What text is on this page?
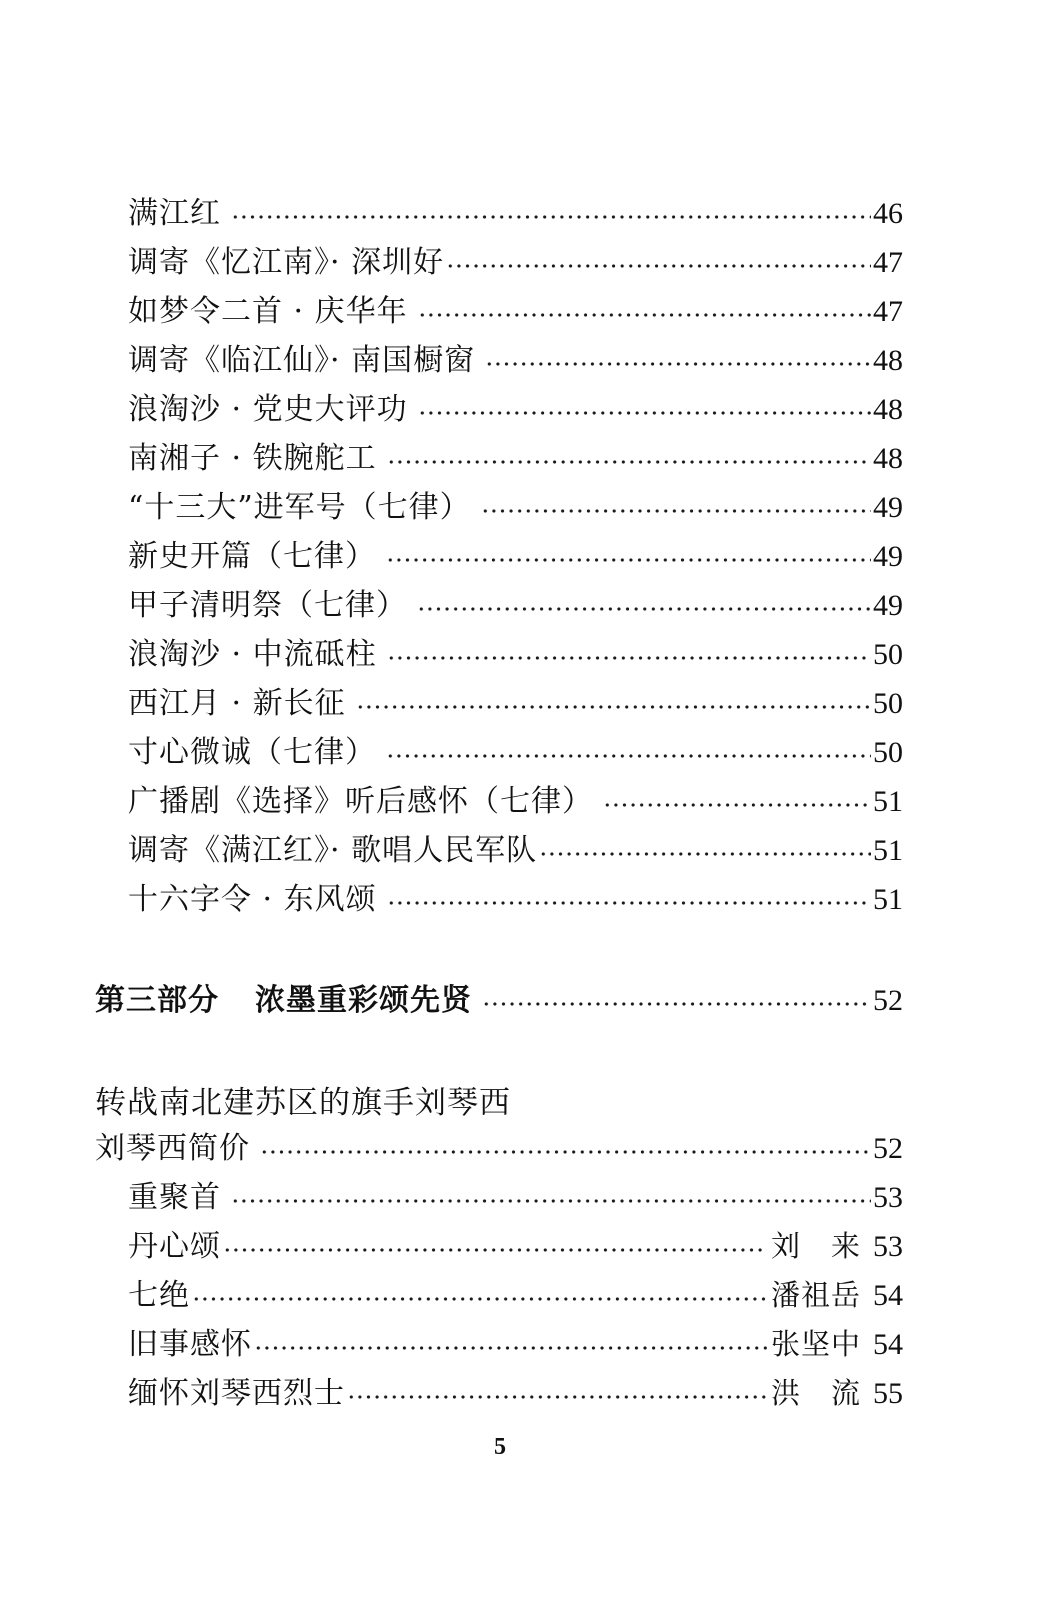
满江红	46
调寄《忆江南》· 深圳好	47
如梦令二首 · 庆华年	47
调寄《临江仙》· 南国橱窗	48
浪淘沙 · 党史大评功	48
南湘子 · 铁腕舵工	48
“十三大”进军号（七律）	49
新史开篇（七律）	49
甲子清明祭（七律）	49
浪淘沙 · 中流砥柱	50
西江月 · 新长征	50
寸心微诚（七律）	50
广播剧《选择》听后感怀（七律）	51
调寄《满江红》· 歌唱人民军队	51
十六字令 · 东风颂	51
第三部分 浓墨重彩颂先贤	52
转战南北建苏区的旗手刘琴西
刘琴西简价	52
重聚首	53
丹心颂	刘　来 53
七绝	潘祖岳 54
旧事感怀	张坚中 54
缅怀刘琴西烈士	洪　流 55
5
